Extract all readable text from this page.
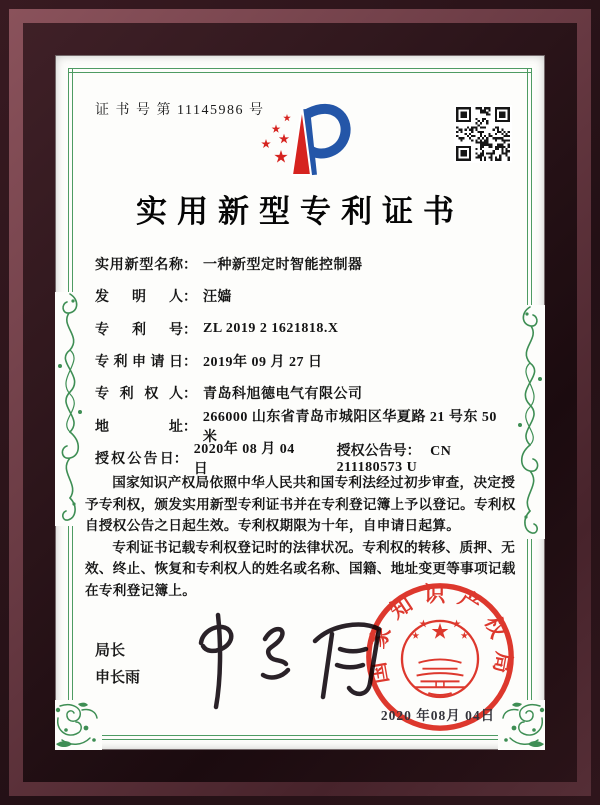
证 书 号 第 11145986 号
实用新型专利证书
实用新型名称 ： 一种新型定时智能控制器
发明人 ： 汪嫱
专利号 ： ZL 2019 2 1621818.X
专利申请日 ： 2019年 09 月 27 日
专利权人 ： 青岛科旭德电气有限公司
地址 ：
266000 山东省青岛市城阳区华夏路 21 号东 50 米
授权公告日 ：
2020年 08 月 04 日
授权公告号： CN 211180573 U

国家知识产权局依照中华人民共和国专利法经过初步审查，决定授予专利权，颁发实用新型专利证书并在专利登记簿上予以登记。专利权自授权公告之日起生效。专利权期限为十年，自申请日起算。

专利证书记载专利权登记时的法律状况。专利权的转移、质押、无效、终止、恢复和专利权人的姓名或名称、国籍、地址变更等事项记载在专利登记簿上。

局长
申长雨	国家知识产权局
2020 年08月 04日
